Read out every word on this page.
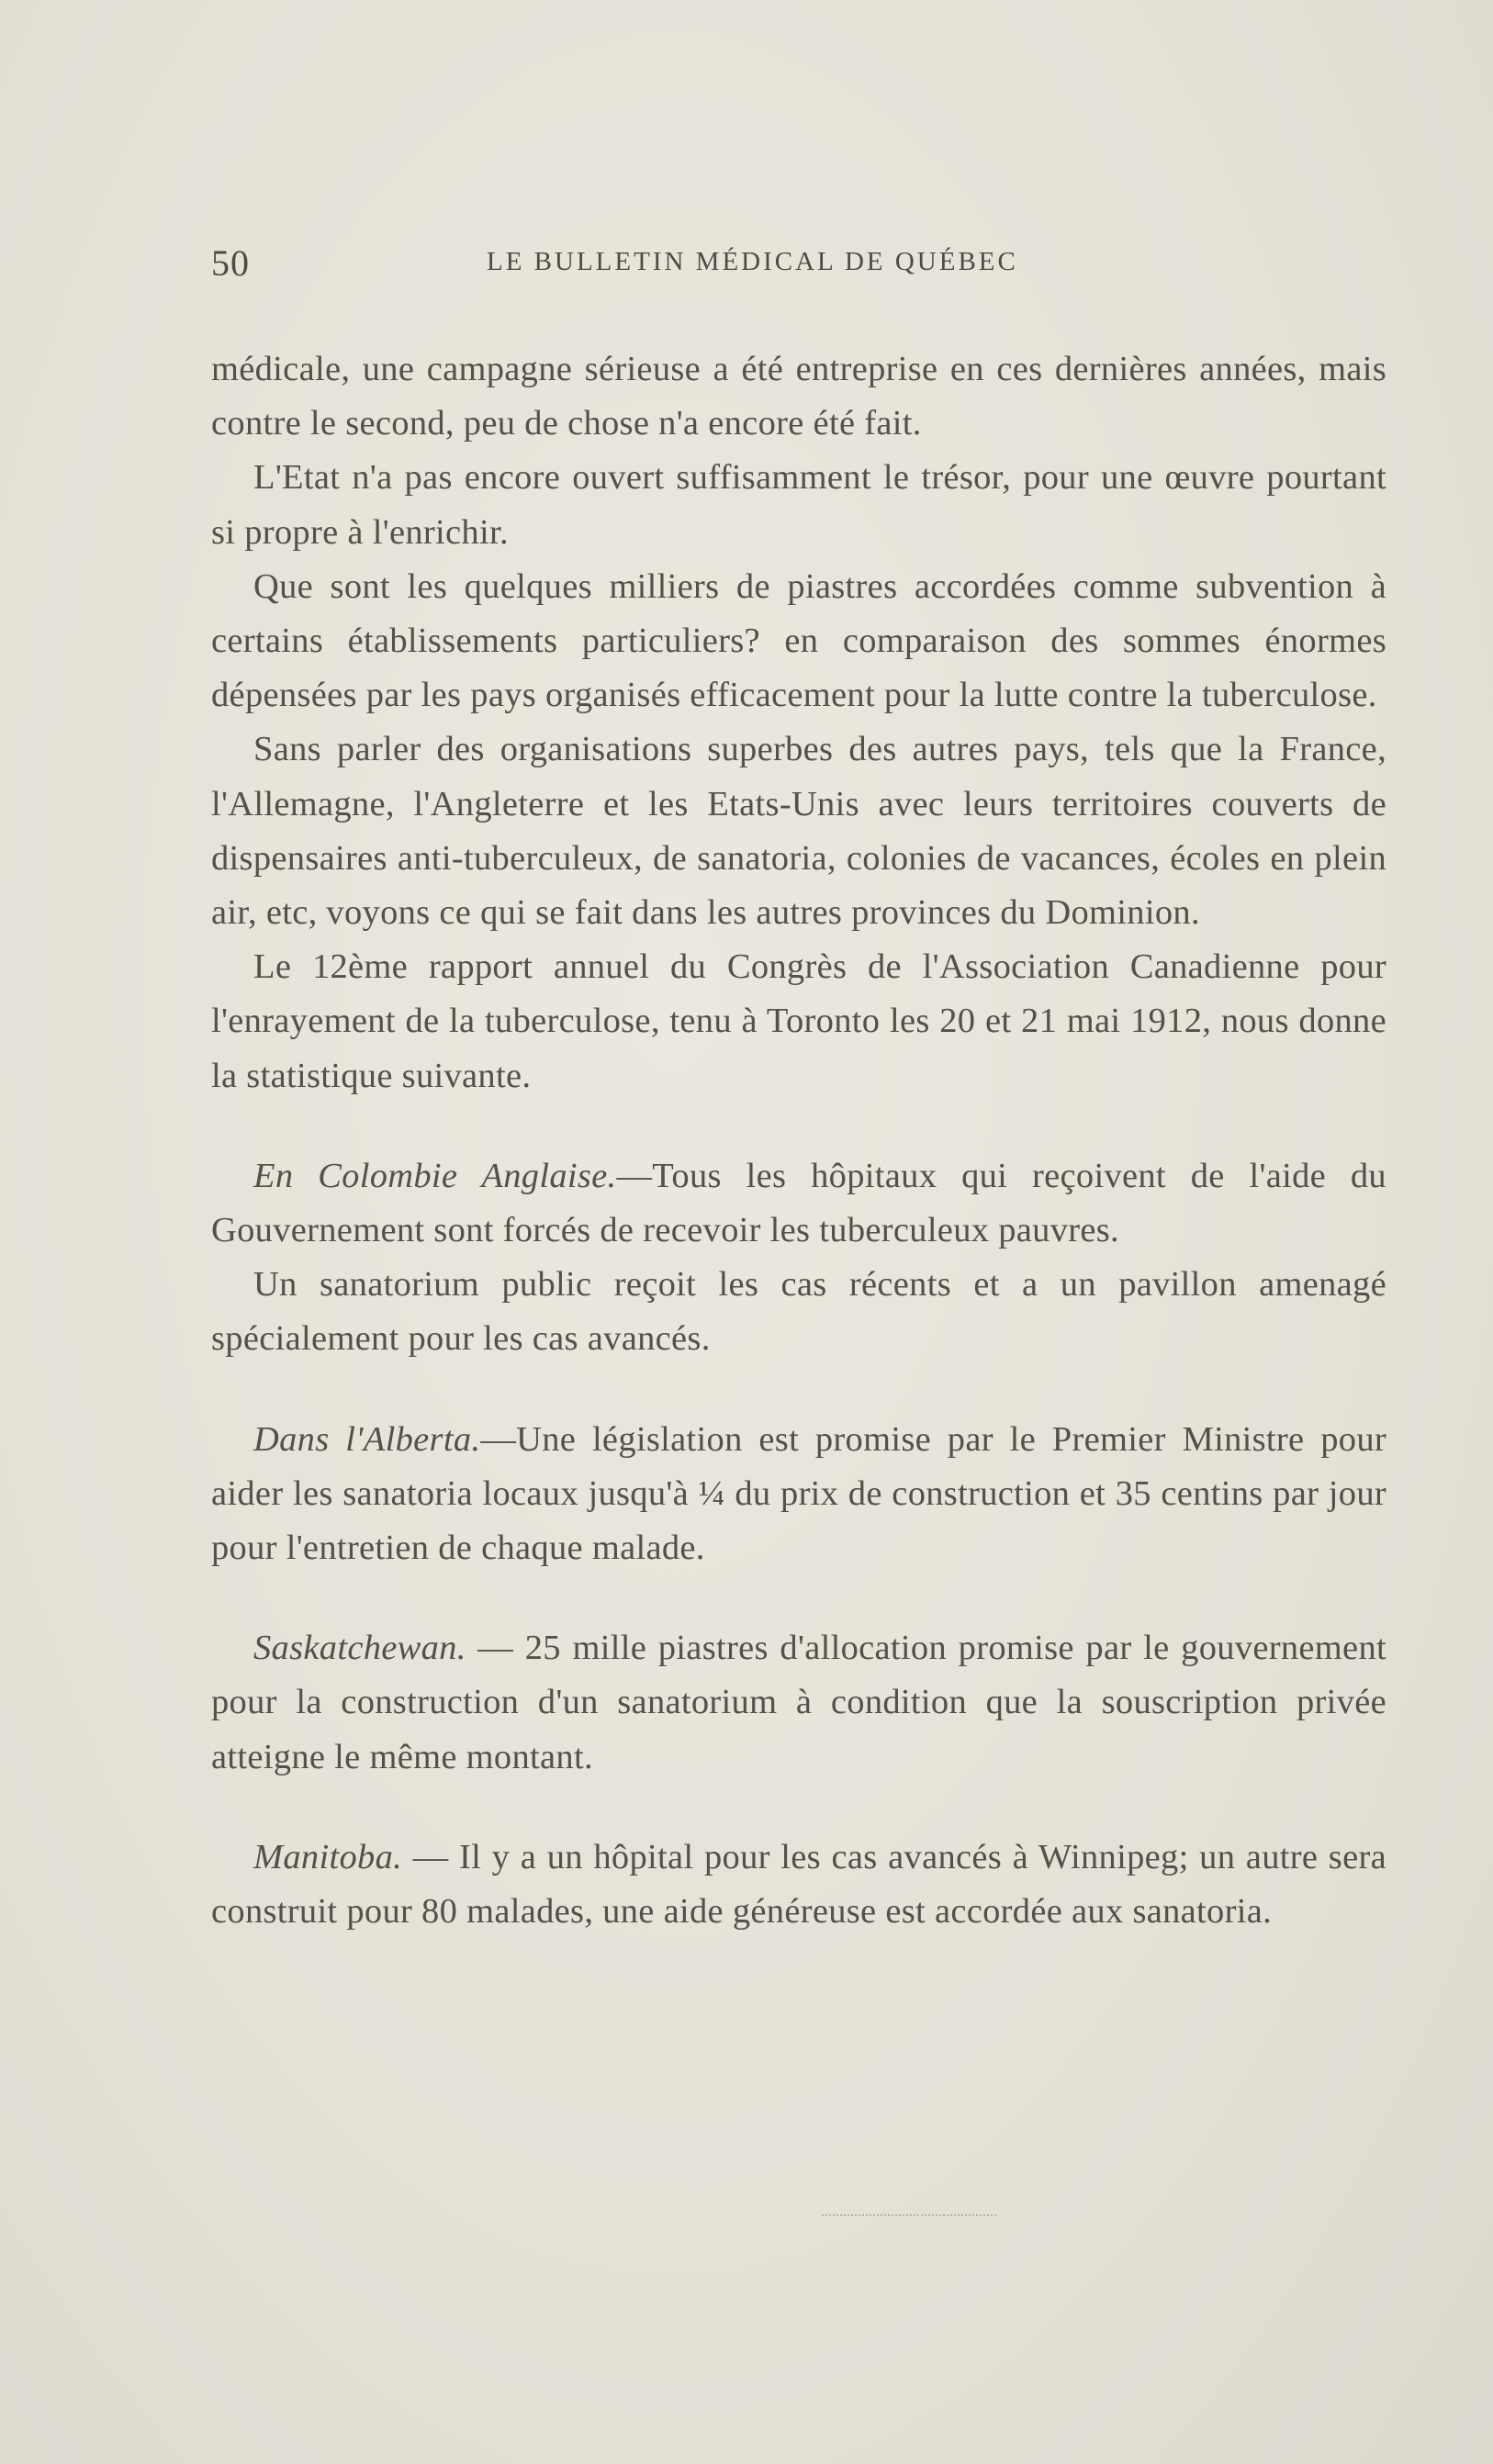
50	LE BULLETIN MÉDICAL DE QUÉBEC

médicale, une campagne sérieuse a été entreprise en ces dernières années, mais contre le second, peu de chose n'a encore été fait.

L'Etat n'a pas encore ouvert suffisamment le trésor, pour une œuvre pourtant si propre à l'enrichir.

Que sont les quelques milliers de piastres accordées comme subvention à certains établissements particuliers? en comparaison des sommes énormes dépensées par les pays organisés efficacement pour la lutte contre la tuberculose.

Sans parler des organisations superbes des autres pays, tels que la France, l'Allemagne, l'Angleterre et les Etats-Unis avec leurs territoires couverts de dispensaires anti-tuberculeux, de sanatoria, colonies de vacances, écoles en plein air, etc, voyons ce qui se fait dans les autres provinces du Dominion.

Le 12ème rapport annuel du Congrès de l'Association Canadienne pour l'enrayement de la tuberculose, tenu à Toronto les 20 et 21 mai 1912, nous donne la statistique suivante.

En Colombie Anglaise.—Tous les hôpitaux qui reçoivent de l'aide du Gouvernement sont forcés de recevoir les tuberculeux pauvres.

Un sanatorium public reçoit les cas récents et a un pavillon amenagé spécialement pour les cas avancés.

Dans l'Alberta.—Une législation est promise par le Premier Ministre pour aider les sanatoria locaux jusqu'à ¼ du prix de construction et 35 centins par jour pour l'entretien de chaque malade.

Saskatchewan. — 25 mille piastres d'allocation promise par le gouvernement pour la construction d'un sanatorium à condition que la souscription privée atteigne le même montant.

Manitoba. — Il y a un hôpital pour les cas avancés à Winnipeg; un autre sera construit pour 80 malades, une aide généreuse est accordée aux sanatoria.
